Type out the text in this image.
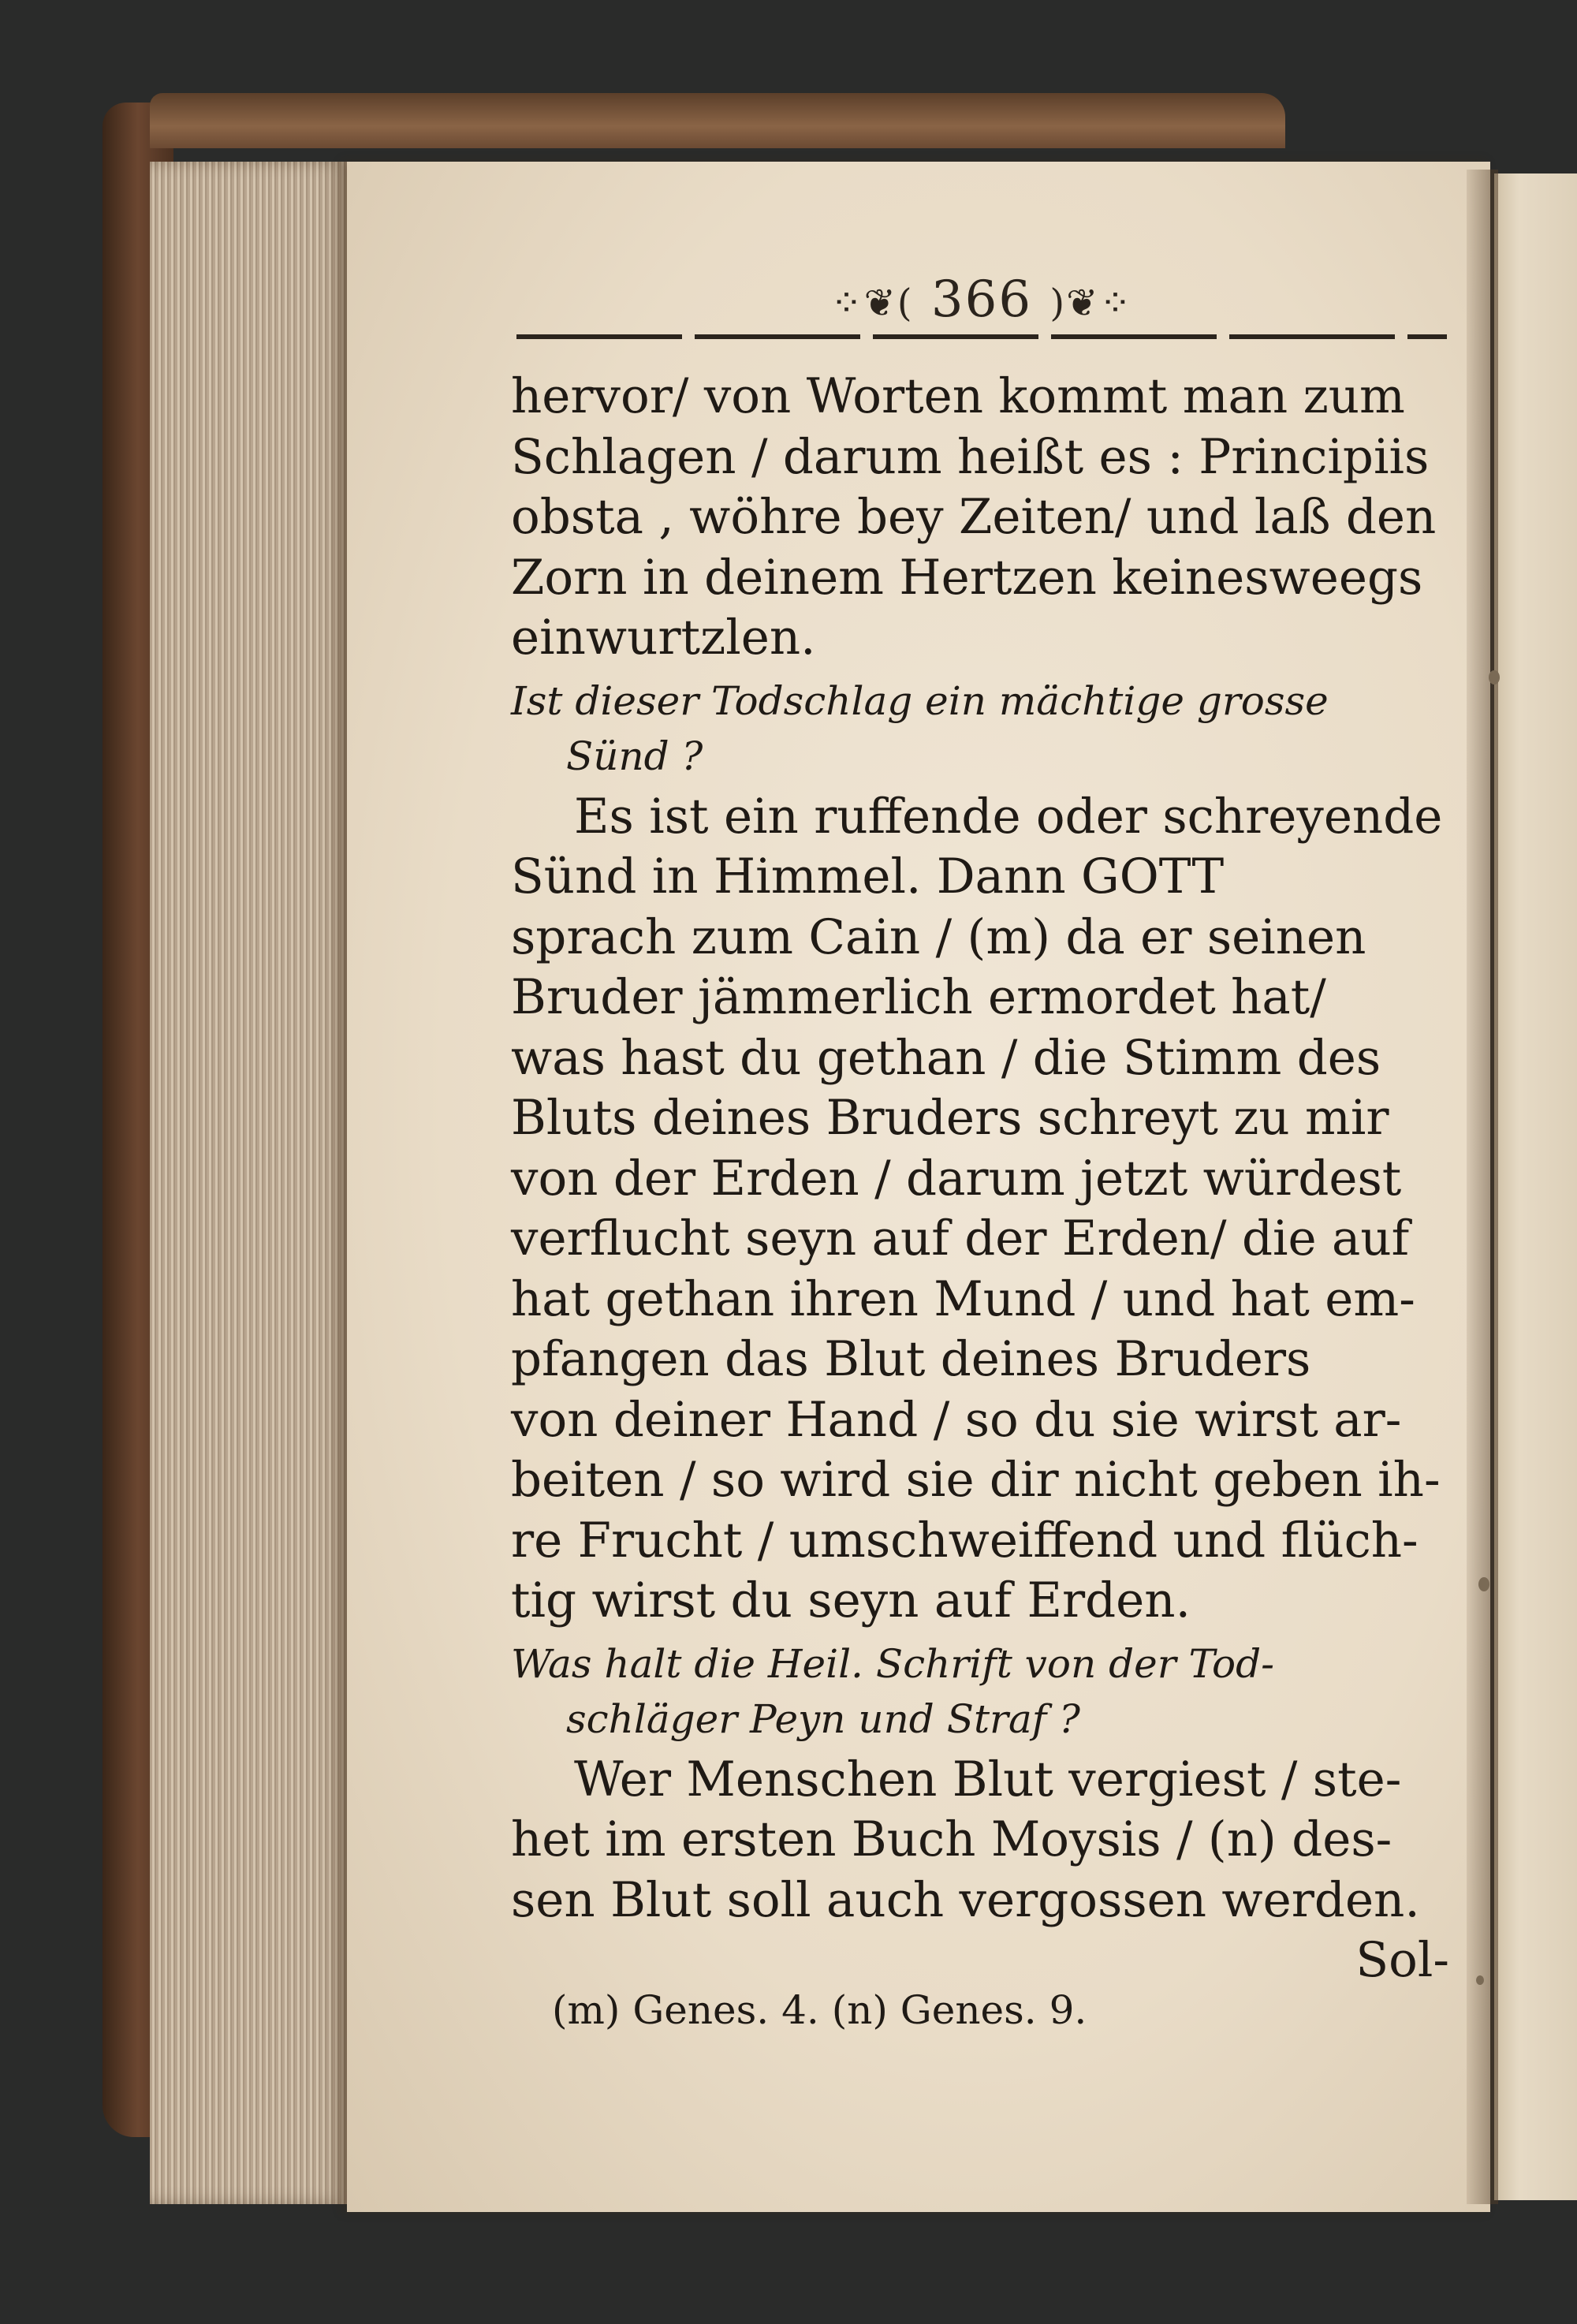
⁘❦( 366 )❦⁘
hervor/ von Worten kommt man zum
Schlagen / darum heißt es : Principiis
obsta , wöhre bey Zeiten/ und laß den
Zorn in deinem Hertzen keinesweegs
einwurtzlen.
Ist dieser Todschlag ein mächtige grosse
Sünd ?
Es ist ein ruffende oder schreyende
Sünd in Himmel. Dann GOTT
sprach zum Cain / (m) da er seinen
Bruder jämmerlich ermordet hat/
was hast du gethan / die Stimm des
Bluts deines Bruders schreyt zu mir
von der Erden / darum jetzt würdest
verflucht seyn auf der Erden/ die auf
hat gethan ihren Mund / und hat em-
pfangen das Blut deines Bruders
von deiner Hand / so du sie wirst ar-
beiten / so wird sie dir nicht geben ih-
re Frucht / umschweiffend und flüch-
tig wirst du seyn auf Erden.
Was halt die Heil. Schrift von der Tod-
schläger Peyn und Straf ?
Wer Menschen Blut vergiest / ste-
het im ersten Buch Moysis / (n) des-
sen Blut soll auch vergossen werden.
Sol-
(m) Genes. 4. (n) Genes. 9.
